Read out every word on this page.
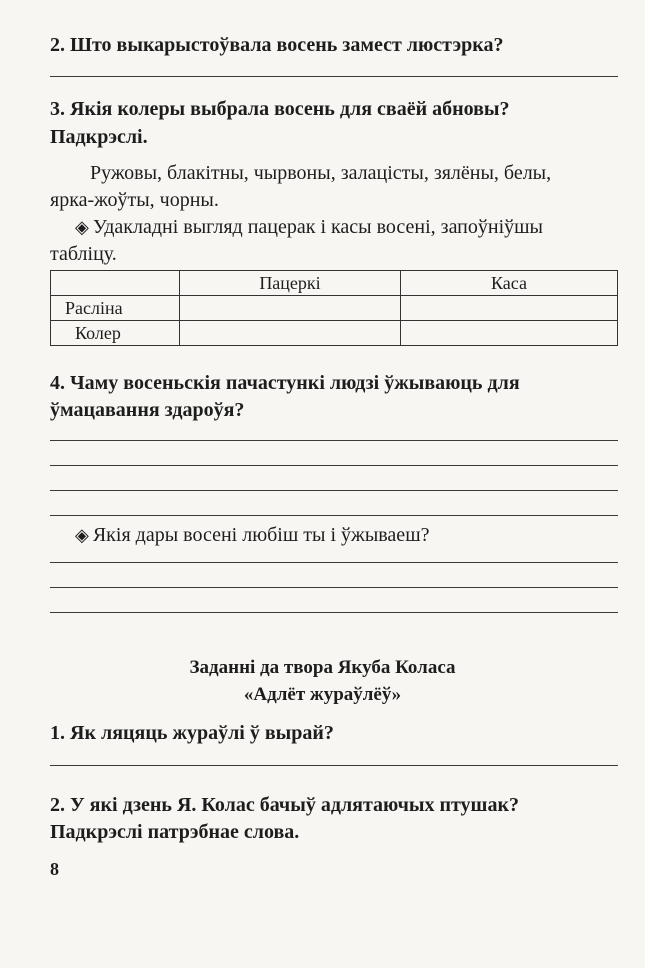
2. Што выкарыстоўвала восень замест люстэрка?

3. Якія колеры выбрала восень для сваёй абновы?

Падкрэслі.

Ружовы, блакітны, чырвоны, залацісты, зялёны, белы,

ярка-жоўты, чорны.

◈ Удакладні выгляд пацерак і касы восені, запоўніўшы

табліцу.

	Пацеркі	Каса
Расліна		
Колер		

4. Чаму восеньскія пачастункі людзі ўжываюць для

ўмацавання здароўя?

◈ Якія дары восені любіш ты і ўжываеш?

Заданні да твора Якуба Коласа

«Адлёт жураўлёў»

1. Як ляцяць жураўлі ў вырай?

2. У які дзень Я. Колас бачыў адлятаючых птушак?

Падкрэслі патрэбнае слова.

8
